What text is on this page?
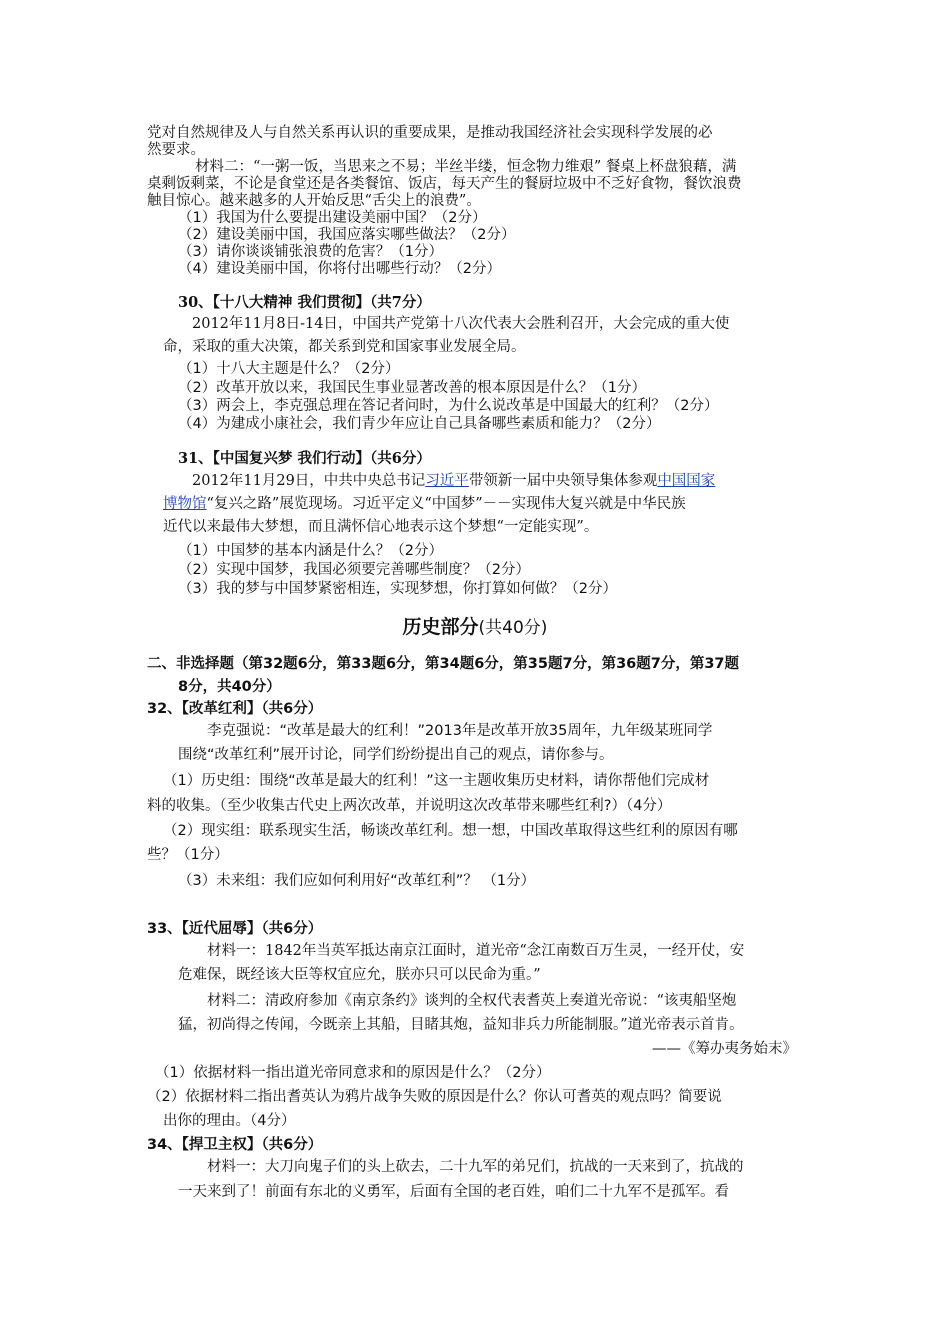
党对自然规律及人与自然关系再认识的重要成果，是推动我国经济社会实现科学发展的必
然要求。
材料二：“一粥一饭，当思来之不易；半丝半缕，恒念物力维艰” 餐桌上杯盘狼藉，满
桌剩饭剩菜，不论是食堂还是各类餐馆、饭店，每天产生的餐厨垃圾中不乏好食物，餐饮浪费
触目惊心。越来越多的人开始反思“舌尖上的浪费”。
（1）我国为什么要提出建设美丽中国？（2分）
（2）建设美丽中国，我国应落实哪些做法？（2分）
（3）请你谈谈铺张浪费的危害？（1分）
（4）建设美丽中国，你将付出哪些行动？（2分）
30、【十八大精神 我们贯彻】（共7分）
2012年11月8日-14日，中国共产党第十八次代表大会胜利召开，大会完成的重大使
命，采取的重大决策，都关系到党和国家事业发展全局。
（1）十八大主题是什么？（2分）
（2）改革开放以来，我国民生事业显著改善的根本原因是什么？（1分）
（3）两会上，李克强总理在答记者问时，为什么说改革是中国最大的红利？（2分）
（4）为建成小康社会，我们青少年应让自己具备哪些素质和能力？（2分）
31、【中国复兴梦 我们行动】（共6分）
2012年11月29日，中共中央总书记习近平带领新一届中央领导集体参观中国国家
博物馆“复兴之路”展览现场。习近平定义“中国梦”－－实现伟大复兴就是中华民族
近代以来最伟大梦想，而且满怀信心地表示这个梦想“一定能实现”。
（1）中国梦的基本内涵是什么？（2分）
（2）实现中国梦，我国必须要完善哪些制度？（2分）
（3）我的梦与中国梦紧密相连，实现梦想，你打算如何做？（2分）
历史部分(共40分)
二、非选择题（第32题6分，第33题6分，第34题6分，第35题7分，第36题7分，第37题
8分，共40分）
32、【改革红利】（共6分）
李克强说：“改革是最大的红利！”2013年是改革开放35周年，九年级某班同学
围绕“改革红利”展开讨论，同学们纷纷提出自己的观点，请你参与。
（1）历史组：围绕“改革是最大的红利！”这一主题收集历史材料，请你帮他们完成材
料的收集。（至少收集古代史上两次改革，并说明这次改革带来哪些红利?）（4分）
（2）现实组：联系现实生活，畅谈改革红利。想一想，中国改革取得这些红利的原因有哪
些？（1分）
（3）未来组：我们应如何利用好“改革红利”？ （1分）
33、【近代屈辱】（共6分）
材料一：1842年当英军抵达南京江面时，道光帝“念江南数百万生灵，一经开仗，安
危难保，既经该大臣等权宜应允，朕亦只可以民命为重。”
材料二：清政府参加《南京条约》谈判的全权代表耆英上奏道光帝说：“该夷船坚炮
猛，初尚得之传闻，今既亲上其船，目睹其炮，益知非兵力所能制服。”道光帝表示首肯。
——《筹办夷务始末》
（1）依据材料一指出道光帝同意求和的原因是什么？（2分）
（2）依据材料二指出耆英认为鸦片战争失败的原因是什么？你认可耆英的观点吗？简要说
出你的理由。（4分）
34、【捍卫主权】（共6分）
材料一：大刀向鬼子们的头上砍去，二十九军的弟兄们，抗战的一天来到了，抗战的
一天来到了！前面有东北的义勇军，后面有全国的老百姓，咱们二十九军不是孤军。看
